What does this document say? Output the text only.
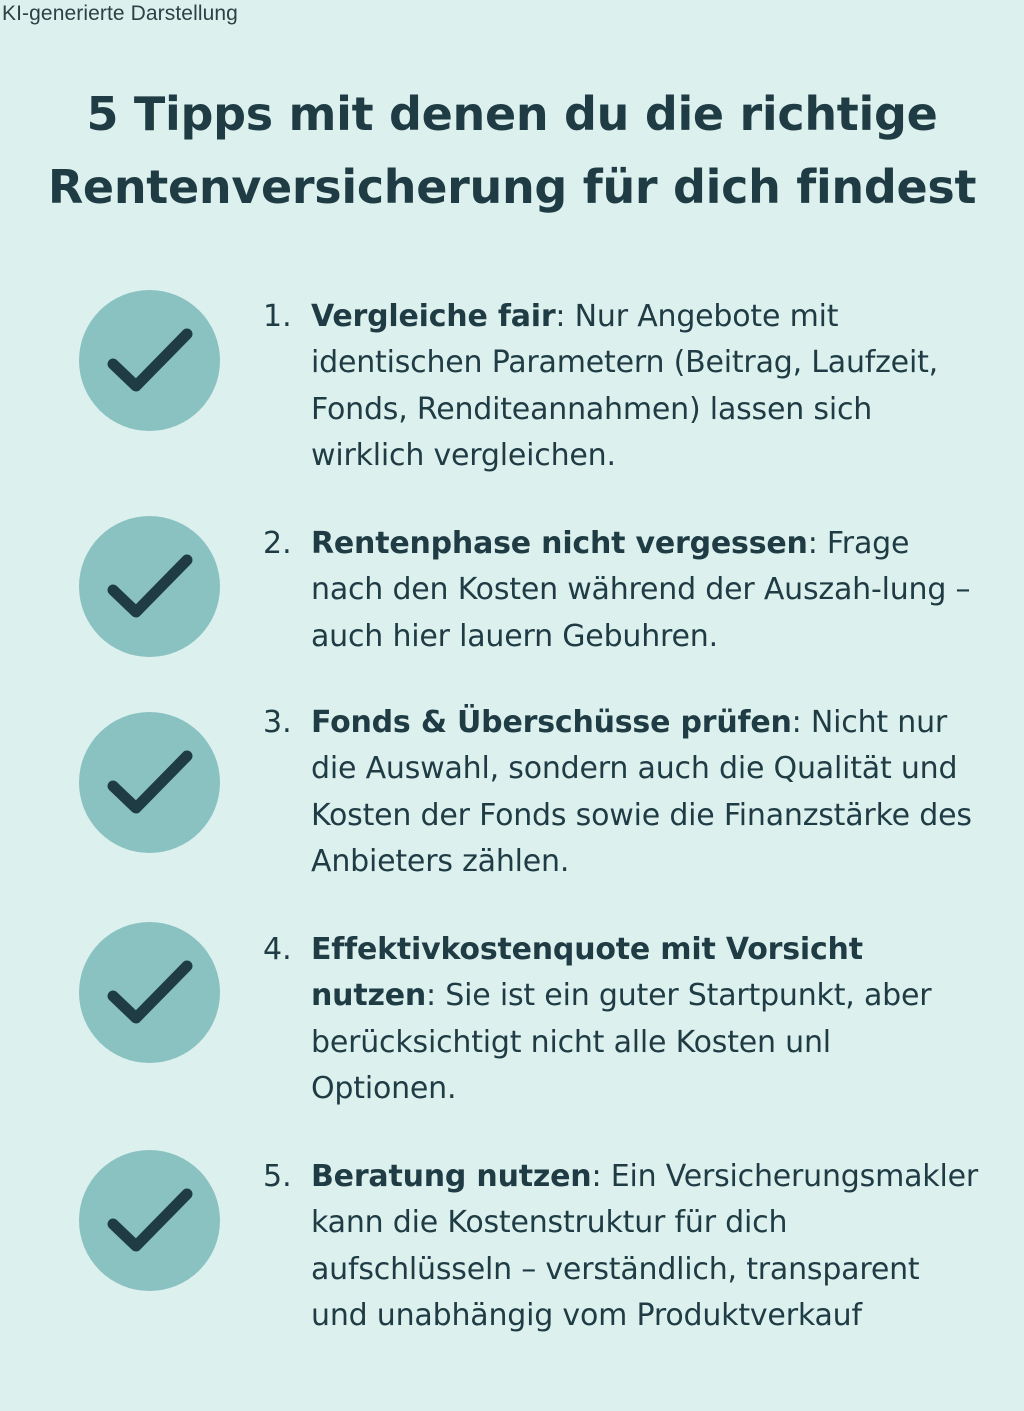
KI-generierte Darstellung
5 Tipps mit denen du die richtige
Rentenversicherung für dich findest
1. Vergleiche fair: Nur Angebote mit identischen Parametern (Beitrag, Laufzeit, Fonds, Renditeannahmen) lassen sich wirklich vergleichen.
2. Rentenphase nicht vergessen: Frage nach den Kosten während der Auszah-lung – auch hier lauern Gebuhren.
3. Fonds & Überschüsse prüfen: Nicht nur die Auswahl, sondern auch die Qualität und Kosten der Fonds sowie die Finanzstärke des Anbieters zählen.
4. Effektivkostenquote mit Vorsicht nutzen: Sie ist ein guter Startpunkt, aber berücksichtigt nicht alle Kosten unl Optionen.
5. Beratung nutzen: Ein Versicherungsmakler kann die Kostenstruktur für dich aufschlüsseln – verständlich, transparent und unabhängig vom Produktverkauf
